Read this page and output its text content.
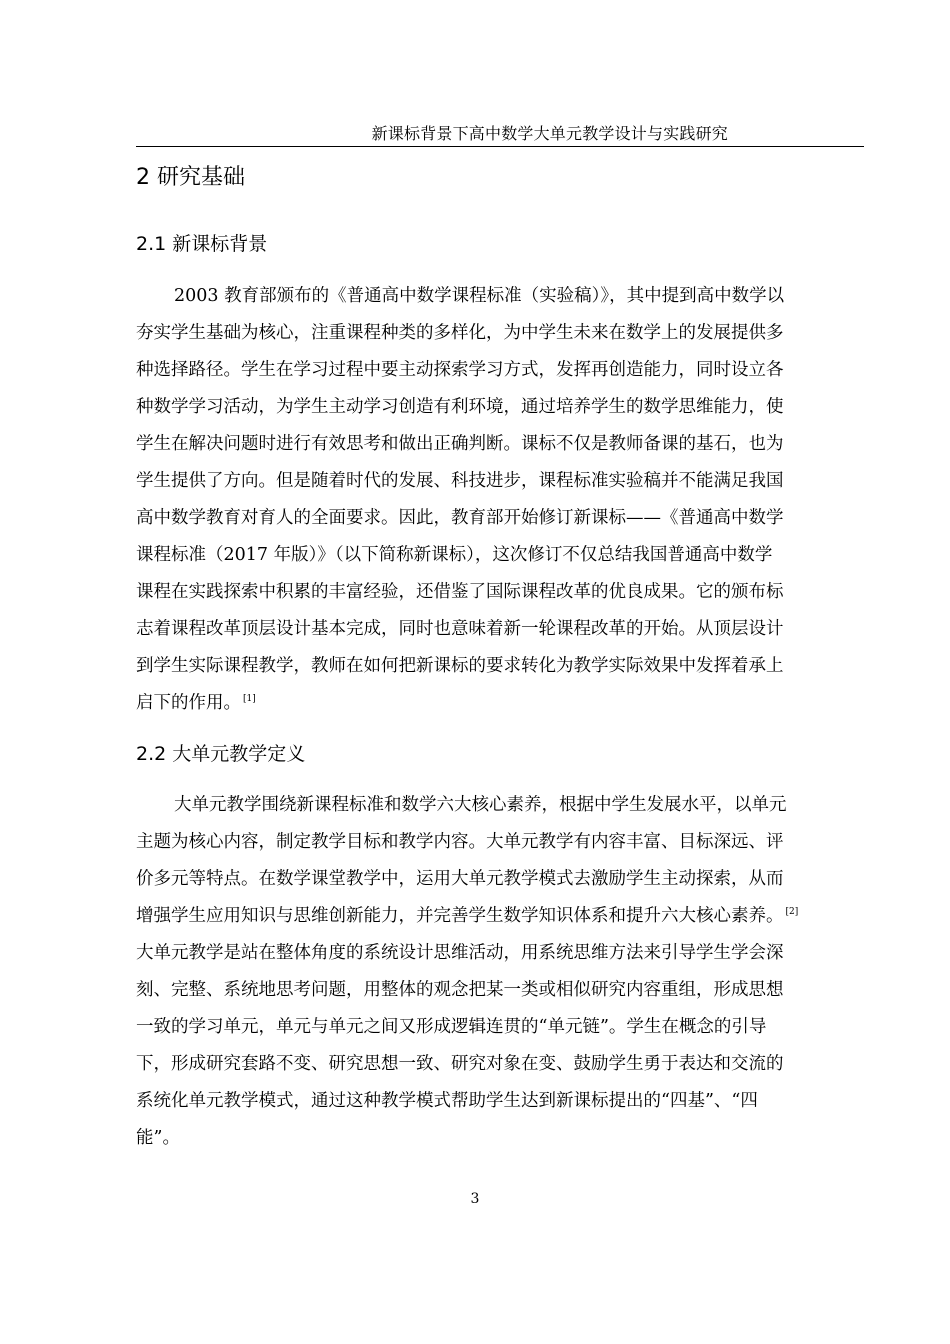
新课标背景下高中数学大单元教学设计与实践研究
2 研究基础
2.1 新课标背景
2003 教育部颁布的《普通高中数学课程标准（实验稿）》，其中提到高中数学以
夯实学生基础为核心，注重课程种类的多样化，为中学生未来在数学上的发展提供多
种选择路径。学生在学习过程中要主动探索学习方式，发挥再创造能力，同时设立各
种数学学习活动，为学生主动学习创造有利环境，通过培养学生的数学思维能力，使
学生在解决问题时进行有效思考和做出正确判断。课标不仅是教师备课的基石，也为
学生提供了方向。但是随着时代的发展、科技进步，课程标准实验稿并不能满足我国
高中数学教育对育人的全面要求。因此，教育部开始修订新课标——《普通高中数学
课程标准（2017 年版）》（以下简称新课标），这次修订不仅总结我国普通高中数学
课程在实践探索中积累的丰富经验，还借鉴了国际课程改革的优良成果。它的颁布标
志着课程改革顶层设计基本完成，同时也意味着新一轮课程改革的开始。从顶层设计
到学生实际课程教学，教师在如何把新课标的要求转化为教学实际效果中发挥着承上
启下的作用。 [1]
2.2 大单元教学定义
大单元教学围绕新课程标准和数学六大核心素养，根据中学生发展水平，以单元
主题为核心内容，制定教学目标和教学内容。大单元教学有内容丰富、目标深远、评
价多元等特点。在数学课堂教学中，运用大单元教学模式去激励学生主动探索，从而
增强学生应用知识与思维创新能力，并完善学生数学知识体系和提升六大核心素养。 [2]
大单元教学是站在整体角度的系统设计思维活动，用系统思维方法来引导学生学会深
刻、完整、系统地思考问题，用整体的观念把某一类或相似研究内容重组，形成思想
一致的学习单元，单元与单元之间又形成逻辑连贯的“单元链”。学生在概念的引导
下，形成研究套路不变、研究思想一致、研究对象在变、鼓励学生勇于表达和交流的
系统化单元教学模式，通过这种教学模式帮助学生达到新课标提出的“四基”、“四
能”。
3
